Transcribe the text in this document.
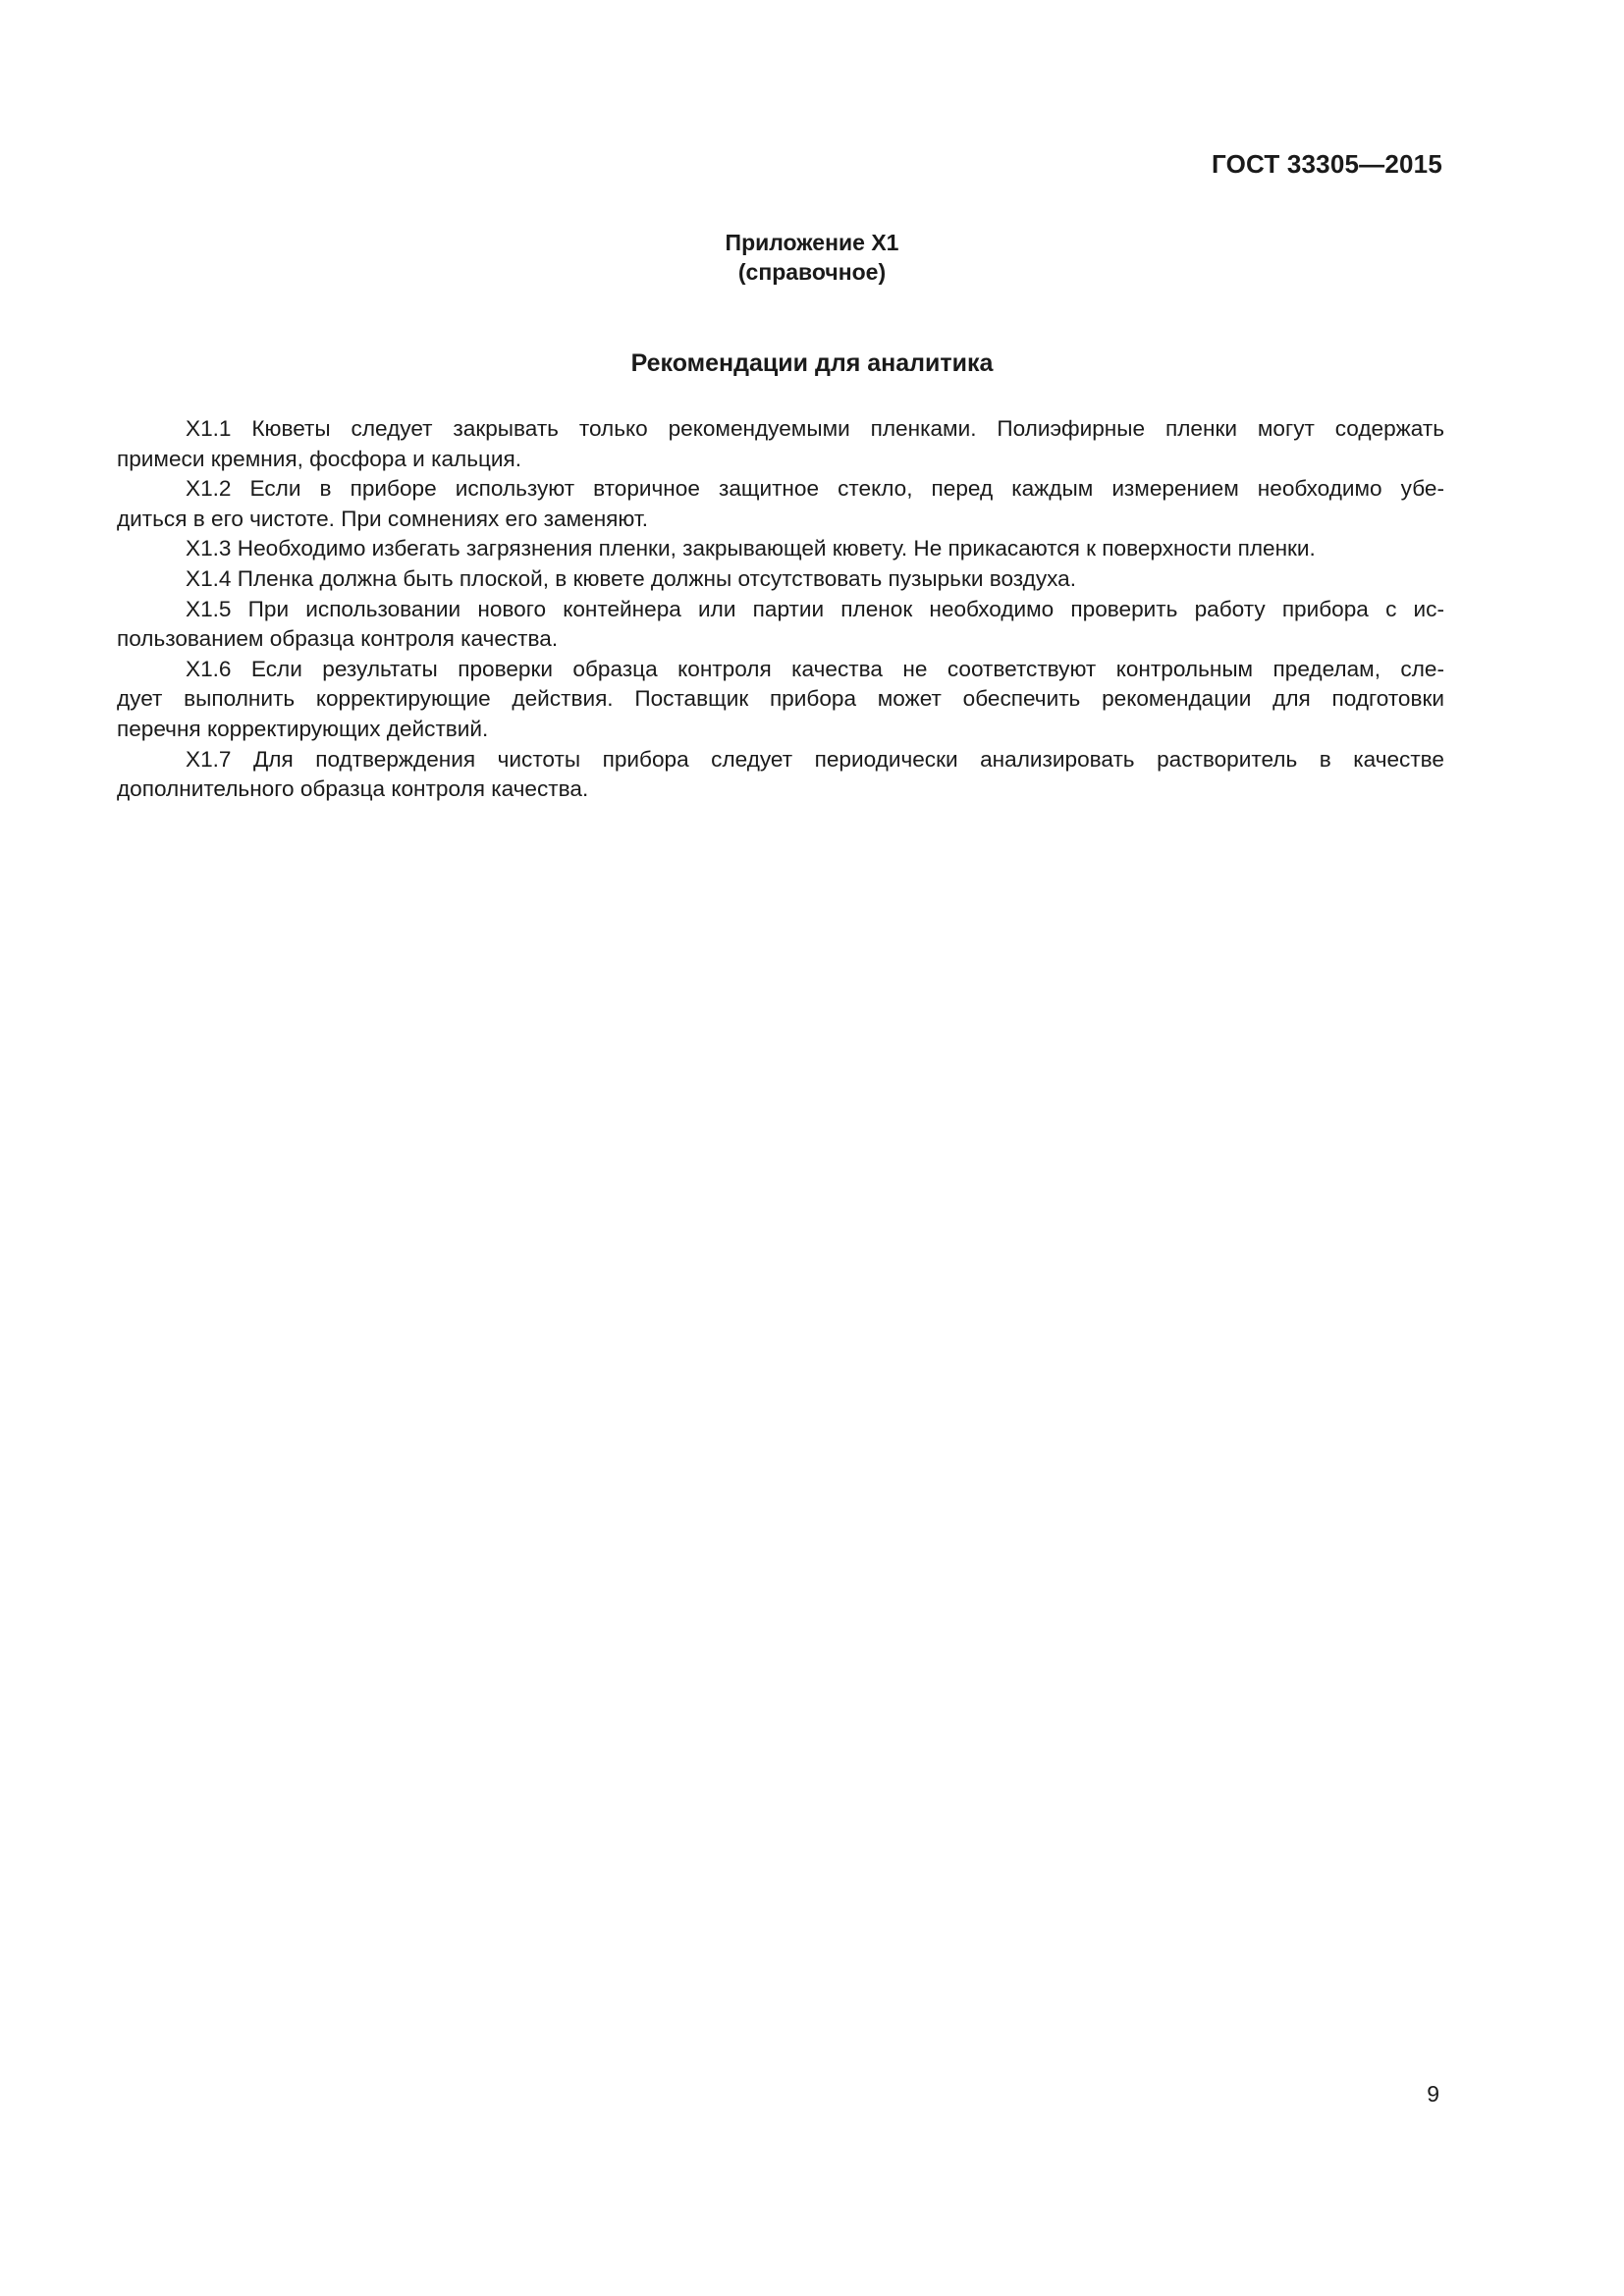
ГОСТ 33305—2015
Приложение X1
(справочное)
Рекомендации для аналитика

X1.1 Кюветы следует закрывать только рекомендуемыми пленками. Полиэфирные пленки могут содержать
примеси кремния, фосфора и кальция.

X1.2 Если в приборе используют вторичное защитное стекло, перед каждым измерением необходимо убе-
диться в его чистоте. При сомнениях его заменяют.

X1.3 Необходимо избегать загрязнения пленки, закрывающей кювету. Не прикасаются к поверхности пленки.

X1.4 Пленка должна быть плоской, в кювете должны отсутствовать пузырьки воздуха.

X1.5 При использовании нового контейнера или партии пленок необходимо проверить работу прибора с ис-
пользованием образца контроля качества.

X1.6 Если результаты проверки образца контроля качества не соответствуют контрольным пределам, сле-
дует выполнить корректирующие действия. Поставщик прибора может обеспечить рекомендации для подготовки
перечня корректирующих действий.

X1.7 Для подтверждения чистоты прибора следует периодически анализировать растворитель в качестве
дополнительного образца контроля качества.

9
